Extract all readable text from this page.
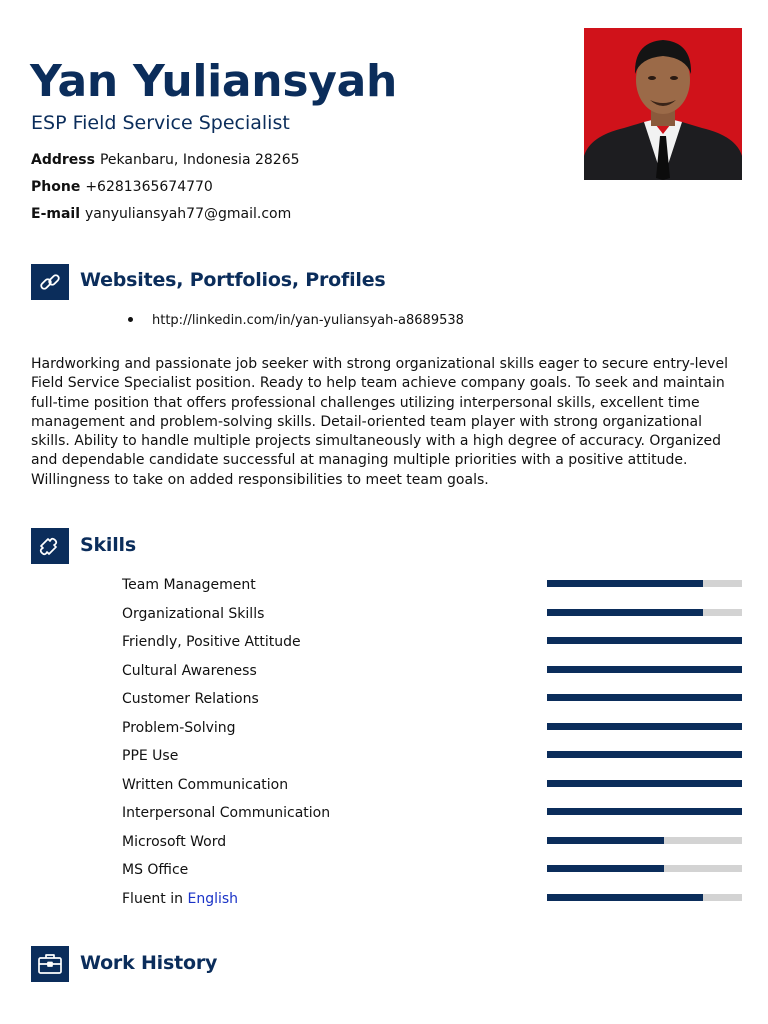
Yan Yuliansyah
ESP Field Service Specialist
Address Pekanbaru, Indonesia 28265
Phone +6281365674770
E-mail yanyuliansyah77@gmail.com
Websites, Portfolios, Profiles
http://linkedin.com/in/yan-yuliansyah-a8689538

Hardworking and passionate job seeker with strong organizational skills eager to secure entry-level Field Service Specialist position. Ready to help team achieve company goals. To seek and maintain full-time position that offers professional challenges utilizing interpersonal skills, excellent time management and problem-solving skills. Detail-oriented team player with strong organizational skills. Ability to handle multiple projects simultaneously with a high degree of accuracy. Organized and dependable candidate successful at managing multiple priorities with a positive attitude. Willingness to take on added responsibilities to meet team goals.

Skills
Team Management
Organizational Skills
Friendly, Positive Attitude
Cultural Awareness
Customer Relations
Problem-Solving
PPE Use
Written Communication
Interpersonal Communication
Microsoft Word
MS Office
Fluent in English
Work History
